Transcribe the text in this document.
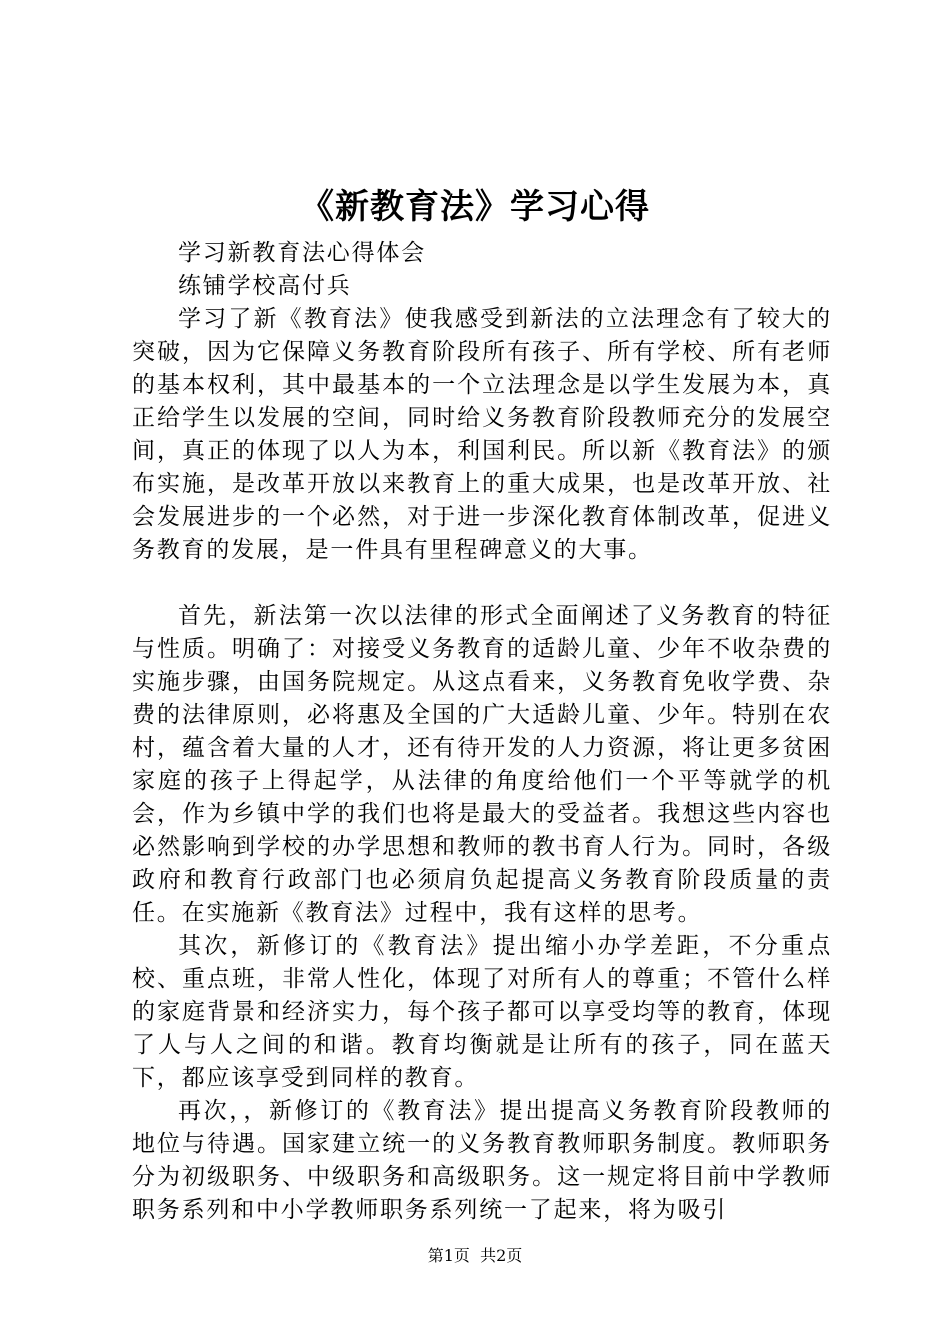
《新教育法》学习心得

学习新教育法心得体会

练铺学校高付兵

学习了新《教育法》使我感受到新法的立法理念有了较大的突破，因为它保障义务教育阶段所有孩子、所有学校、所有老师的基本权利，其中最基本的一个立法理念是以学生发展为本，真正给学生以发展的空间，同时给义务教育阶段教师充分的发展空间，真正的体现了以人为本，利国利民。所以新《教育法》的颁布实施，是改革开放以来教育上的重大成果，也是改革开放、社会发展进步的一个必然，对于进一步深化教育体制改革，促进义务教育的发展，是一件具有里程碑意义的大事。

首先，新法第一次以法律的形式全面阐述了义务教育的特征与性质。明确了：对接受义务教育的适龄儿童、少年不收杂费的实施步骤，由国务院规定。从这点看来，义务教育免收学费、杂费的法律原则，必将惠及全国的广大适龄儿童、少年。特别在农村，蕴含着大量的人才，还有待开发的人力资源，将让更多贫困家庭的孩子上得起学，从法律的角度给他们一个平等就学的机会，作为乡镇中学的我们也将是最大的受益者。我想这些内容也必然影响到学校的办学思想和教师的教书育人行为。同时，各级政府和教育行政部门也必须肩负起提高义务教育阶段质量的责任。在实施新《教育法》过程中，我有这样的思考。

其次，新修订的《教育法》提出缩小办学差距，不分重点校、重点班，非常人性化，体现了对所有人的尊重；不管什么样的家庭背景和经济实力，每个孩子都可以享受均等的教育，体现了人与人之间的和谐。教育均衡就是让所有的孩子，同在蓝天下，都应该享受到同样的教育。

再次，，新修订的《教育法》提出提高义务教育阶段教师的地位与待遇。国家建立统一的义务教育教师职务制度。教师职务分为初级职务、中级职务和高级职务。这一规定将目前中学教师职务系列和中小学教师职务系列统一了起来，将为吸引

第1页  共2页
